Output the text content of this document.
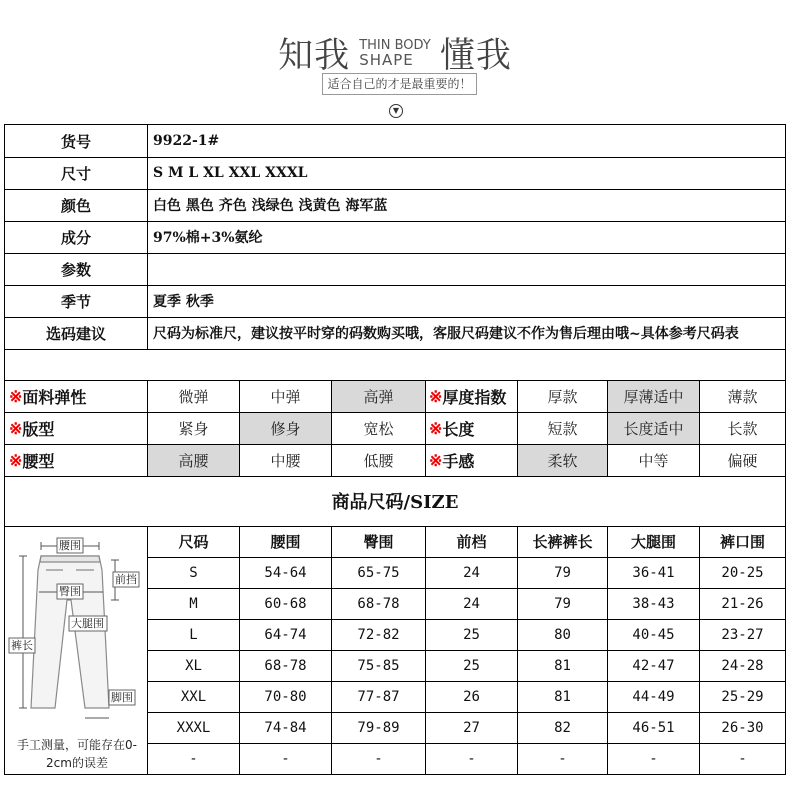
知我 THIN BODY
SHAPE 懂我
适合自己的才是最重要的！
▼
货号	9922-1#
尺寸	S M L XL XXL XXXL
颜色	白色 黑色 齐色 浅绿色 浅黄色 海军蓝
成分	97%棉+3%氨纶
参数
季节	夏季 秋季
选码建议	尺码为标准尺，建议按平时穿的码数购买哦，客服尺码建议不作为售后理由哦~具体参考尺码表
※ 面料弹性	微弹	中弹	高弹	※ 厚度指数	厚款	厚薄适中	薄款
※ 版型	紧身	修身	宽松	※ 长度	短款	长度适中	长款
※ 腰型	高腰	中腰	低腰	※ 手感	柔软	中等	偏硬
商品尺码/SIZE
尺码	腰围	臀围	前档	长裤裤长	大腿围	裤口围
S	54-64	65-75	24	79	36-41	20-25
M	60-68	68-78	24	79	38-43	21-26
L	64-74	72-82	25	80	40-45	23-27
XL	68-78	75-85	25	81	42-47	24-28
XXL	70-80	77-87	26	81	44-49	25-29
XXXL	74-84	79-89	27	82	46-51	26-30
-	-	-	-	-	-	-
腰围
臀围
前挡
大腿围
裤长
脚围
手工测量，可能存在0-
2cm的误差
